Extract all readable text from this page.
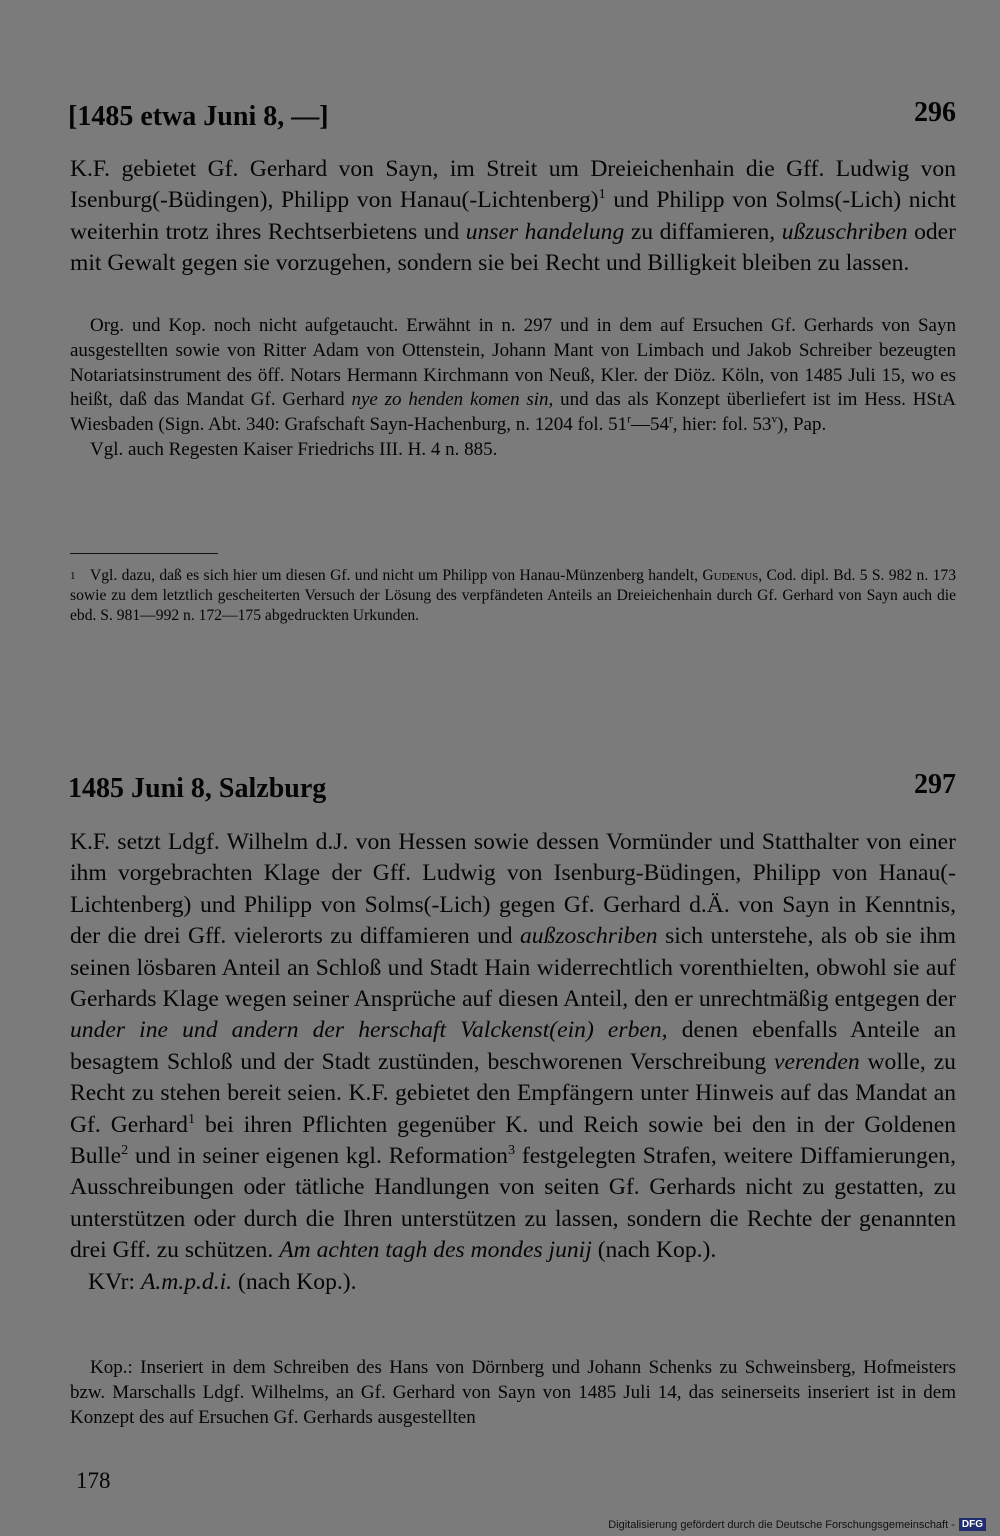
[1485 etwa Juni 8, —]	296
K.F. gebietet Gf. Gerhard von Sayn, im Streit um Dreieichenhain die Gff. Ludwig von Isenburg(-Büdingen), Philipp von Hanau(-Lichtenberg)$^1$ und Philipp von Solms(-Lich) nicht weiterhin trotz ihres Rechtserbietens und unser handelung zu diffamieren, ußzuschriben oder mit Gewalt gegen sie vorzugehen, sondern sie bei Recht und Billigkeit bleiben zu lassen.

Org. und Kop. noch nicht aufgetaucht. Erwähnt in n. 297 und in dem auf Ersuchen Gf. Gerhards von Sayn ausgestellten sowie von Ritter Adam von Ottenstein, Johann Mant von Limbach und Jakob Schreiber bezeugten Notariatsinstrument des öff. Notars Hermann Kirchmann von Neuß, Kler. der Diöz. Köln, von 1485 Juli 15, wo es heißt, daß das Mandat Gf. Gerhard nye zo henden komen sin, und das als Konzept überliefert ist im Hess. HStA Wiesbaden (Sign. Abt. 340: Grafschaft Sayn-Hachenburg, n. 1204 fol. 51$^r$—54$^r$, hier: fol. 53$^v$), Pap.

Vgl. auch Regesten Kaiser Friedrichs III. H. 4 n. 885.

1 Vgl. dazu, daß es sich hier um diesen Gf. und nicht um Philipp von Hanau-Münzenberg handelt, Gudenus, Cod. dipl. Bd. 5 S. 982 n. 173 sowie zu dem letztlich gescheiterten Versuch der Lösung des verpfändeten Anteils an Dreieichenhain durch Gf. Gerhard von Sayn auch die ebd. S. 981—992 n. 172—175 abgedruckten Urkunden.
1485 Juni 8, Salzburg	297

K.F. setzt Ldgf. Wilhelm d.J. von Hessen sowie dessen Vormünder und Statthalter von einer ihm vorgebrachten Klage der Gff. Ludwig von Isenburg-Büdingen, Philipp von Hanau(-Lichtenberg) und Philipp von Solms(-Lich) gegen Gf. Gerhard d.Ä. von Sayn in Kenntnis, der die drei Gff. vielerorts zu diffamieren und außzoschriben sich unterstehe, als ob sie ihm seinen lösbaren Anteil an Schloß und Stadt Hain widerrechtlich vorenthielten, obwohl sie auf Gerhards Klage wegen seiner Ansprüche auf diesen Anteil, den er unrechtmäßig entgegen der under ine und andern der herschaft Valckenst(ein) erben, denen ebenfalls Anteile an besagtem Schloß und der Stadt zustünden, beschworenen Verschreibung verenden wolle, zu Recht zu stehen bereit seien. K.F. gebietet den Empfängern unter Hinweis auf das Mandat an Gf. Gerhard$^1$ bei ihren Pflichten gegenüber K. und Reich sowie bei den in der Goldenen Bulle$^2$ und in seiner eigenen kgl. Reformation$^3$ festgelegten Strafen, weitere Diffamierungen, Ausschreibungen oder tätliche Handlungen von seiten Gf. Gerhards nicht zu gestatten, zu unterstützen oder durch die Ihren unterstützen zu lassen, sondern die Rechte der genannten drei Gff. zu schützen. Am achten tagh des mondes junij (nach Kop.).

KVr: A.m.p.d.i. (nach Kop.).

Kop.: Inseriert in dem Schreiben des Hans von Dörnberg und Johann Schenks zu Schweinsberg, Hofmeisters bzw. Marschalls Ldgf. Wilhelms, an Gf. Gerhard von Sayn von 1485 Juli 14, das seinerseits inseriert ist in dem Konzept des auf Ersuchen Gf. Gerhards ausgestellten

178
Digitalisierung gefördert durch die Deutsche Forschungsgemeinschaft - DFG
